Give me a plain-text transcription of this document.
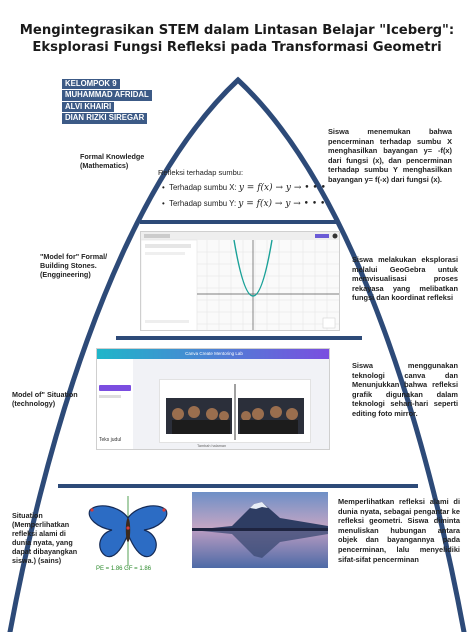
Mengintegrasikan STEM dalam Lintasan Belajar "Iceberg":
Eksplorasi Fungsi Refleksi pada Transformasi Geometri
KELOMPOK 9
MUHAMMAD AFRIDAL
ALVI KHAIRI
DIAN RIZKI SIREGAR
Formal Knowledge
(Mathematics)
Refleksi terhadap sumbu:
•  Terhadap sumbu X: y = f(x) → y → • • •
•  Terhadap sumbu Y: y = f(x) → y → • • •
Siswa menemukan bahwa pencerminan terhadap sumbu X menghasilkan bayangan y= -f(x) dari fungsi (x), dan pencerminan terhadap sumbu Y menghasilkan bayangan y= f(-x) dari fungsi (x).
"Model for" Formal/
Building Stones.
(Enggineering)
Siswa melakukan eksplorasi melalui GeoGebra untuk memvisualisasi proses rekayasa yang melibatkan fungsi dan koordinat refleksi
Model of" Situation
(technology)
Canva Create Mentoring Lab
Teks judul
Tambah halaman
Siswa menggunakan teknologi canva dan Menunjukkan bahwa refleksi grafik digunakan dalam teknologi sehari-hari seperti editing foto mirror.
Situation
(Memperlihatkan
refleksi alami di
dunia nyata, yang
dapat dibayangkan
siswa.) (sains)
PE = 1.86 GF = 1.86
Memperlihatkan refleksi alami di dunia nyata, sebagai pengantar ke refleksi geometri. Siswa diminta menuliskan hubungan antara objek dan bayangannya pada pencerminan, lalu menyelidiki sifat-sifat pencerminan
